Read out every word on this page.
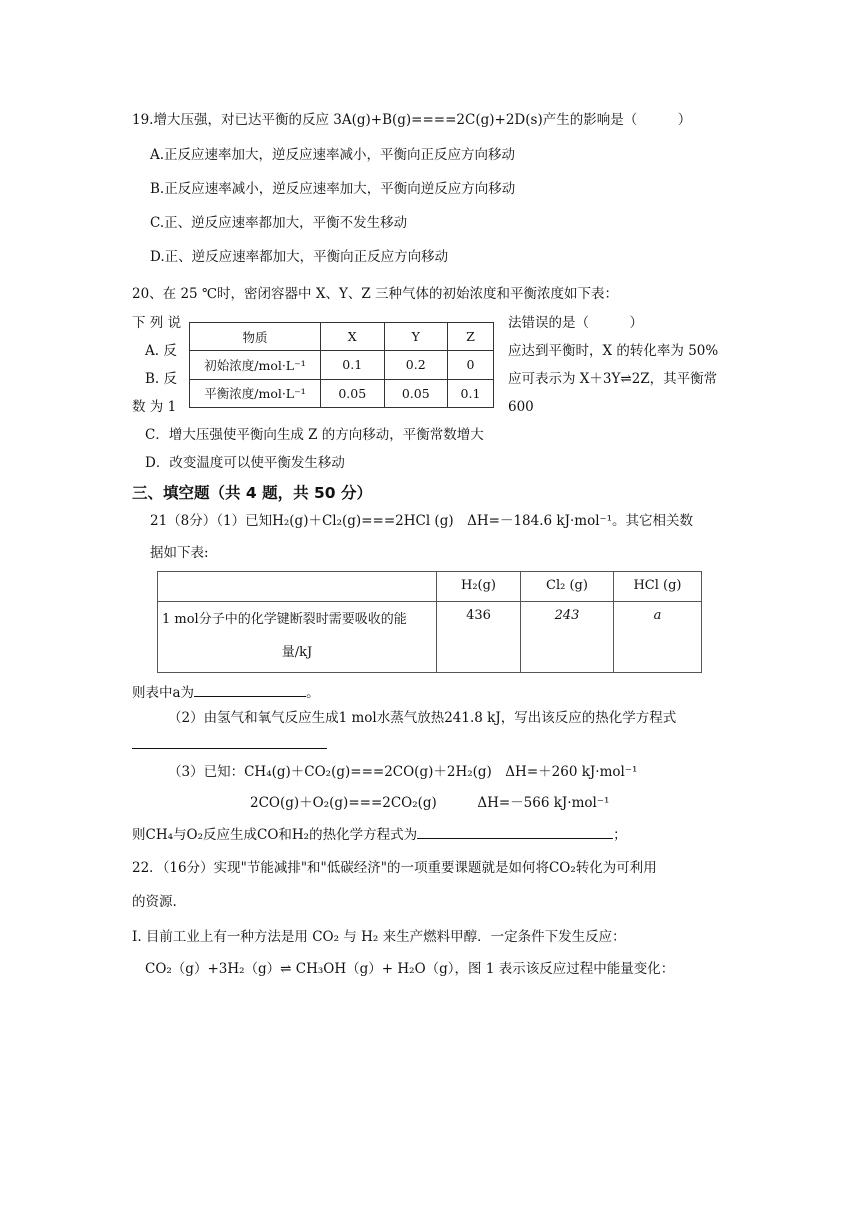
19.增大压强，对已达平衡的反应 3A(g)+B(g)====2C(g)+2D(s)产生的影响是（　　　）
A.正反应速率加大，逆反应速率减小，平衡向正反应方向移动
B.正反应速率减小，逆反应速率加大，平衡向逆反应方向移动
C.正、逆反应速率都加大，平衡不发生移动
D.正、逆反应速率都加大，平衡向正反应方向移动
20、在 25 ℃时，密闭容器中 X、Y、Z 三种气体的初始浓度和平衡浓度如下表：
下 列 说	法错误的是（　　　）
A. 反	应达到平衡时，X 的转化率为 50%
B. 反	应可表示为 X＋3Y⇌2Z，其平衡常
数 为 1	600
物质	X	Y	Z
初始浓度/mol·L⁻¹	0.1	0.2	0
平衡浓度/mol·L⁻¹	0.05	0.05	0.1
C．增大压强使平衡向生成 Z 的方向移动，平衡常数增大
D．改变温度可以使平衡发生移动
三、填空题（共 4 题，共 50 分）
21（8分）（1）已知H₂(g)＋Cl₂(g)===2HCl (g)　ΔH=－184.6 kJ·mol⁻¹。其它相关数
据如下表:
	H₂(g)	Cl₂ (g)	HCl (g)

1 mol分子中的化学键断裂时需要吸收的能
量/kJ	436	243	a
则表中a为	。
（2）由氢气和氧气反应生成1 mol水蒸气放热241.8 kJ，写出该反应的热化学方程式
（3）已知：CH₄(g)＋CO₂(g)===2CO(g)＋2H₂(g)　ΔH=＋260 kJ·mol⁻¹
2CO(g)＋O₂(g)===2CO₂(g)　　　ΔH=－566 kJ·mol⁻¹
则CH₄与O₂反应生成CO和H₂的热化学方程式为	；
22．（16分）实现"节能减排"和"低碳经济"的一项重要课题就是如何将CO₂转化为可利用
的资源.
Ⅰ. 目前工业上有一种方法是用 CO₂ 与 H₂ 来生产燃料甲醇．一定条件下发生反应：
CO₂（g）+3H₂（g）⇌ CH₃OH（g）+ H₂O（g），图 1 表示该反应过程中能量变化：
